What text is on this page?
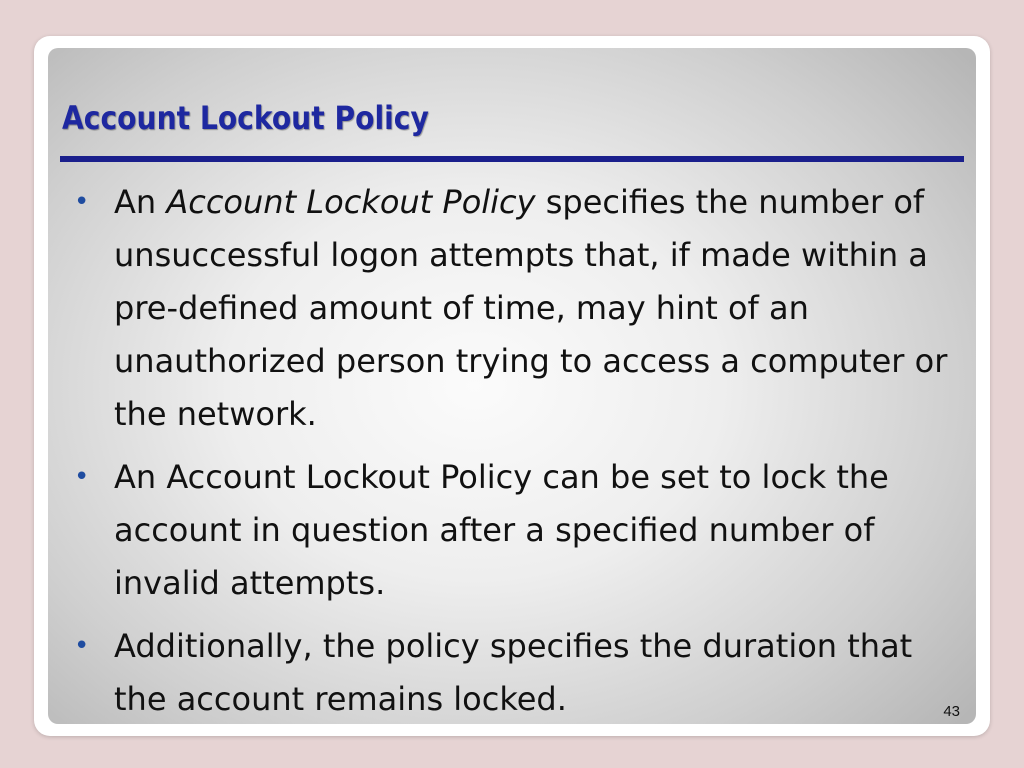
Account Lockout Policy
• An Account Lockout Policy specifies the number of unsuccessful logon attempts that, if made within a pre-defined amount of time, may hint of an unauthorized person trying to access a computer or the network.
• An Account Lockout Policy can be set to lock the account in question after a specified number of invalid attempts.
• Additionally, the policy specifies the duration that the account remains locked.	43
